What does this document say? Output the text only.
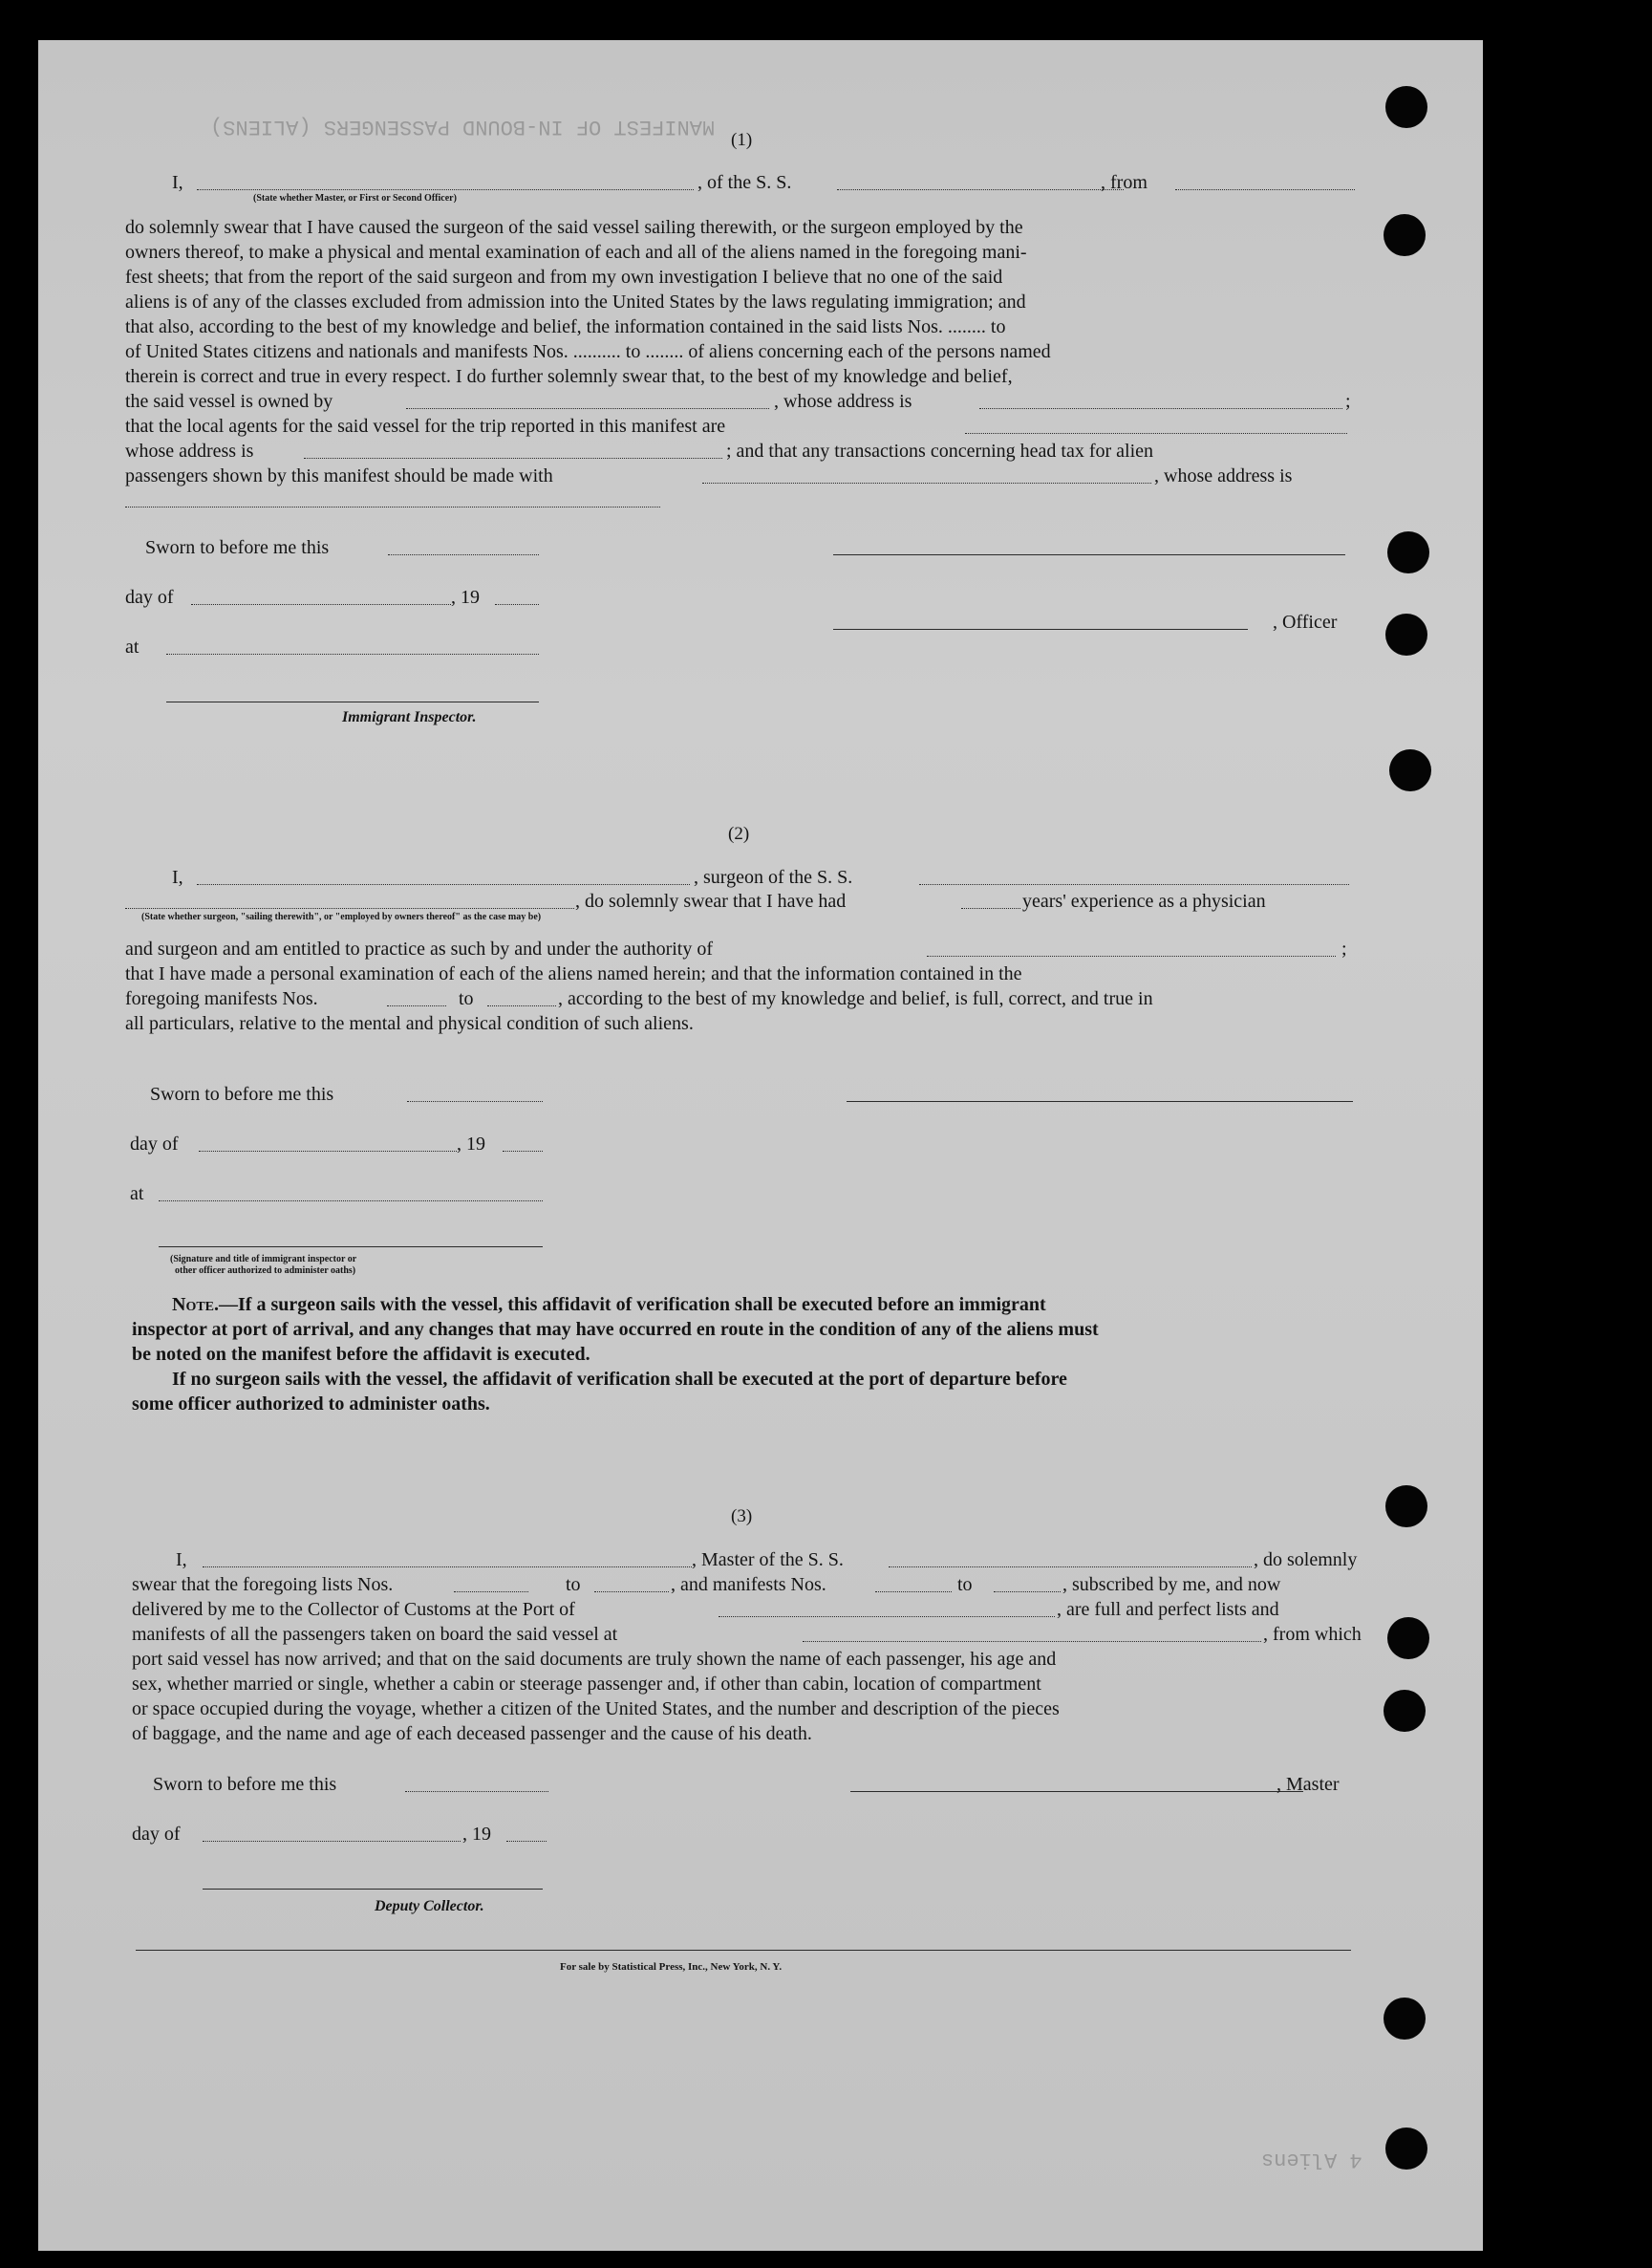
MANIFEST OF IN-BOUND PASSENGERS (ALIENS)
4 Aliens
(1)
I,	, of the S. S.	, from
(State whether Master, or First or Second Officer)
do solemnly swear that I have caused the surgeon of the said vessel sailing therewith, or the surgeon employed by the
owners thereof, to make a physical and mental examination of each and all of the aliens named in the foregoing mani-
fest sheets; that from the report of the said surgeon and from my own investigation I believe that no one of the said
aliens is of any of the classes excluded from admission into the United States by the laws regulating immigration; and
that also, according to the best of my knowledge and belief, the information contained in the said lists Nos. ........ to
of United States citizens and nationals and manifests Nos. .......... to ........ of aliens concerning each of the persons named
therein is correct and true in every respect. I do further solemnly swear that, to the best of my knowledge and belief,
the said vessel is owned by	, whose address is	;
that the local agents for the said vessel for the trip reported in this manifest are
whose address is	; and that any transactions concerning head tax for alien
passengers shown by this manifest should be made with	, whose address is
Sworn to before me this
day of	, 19
, Officer
at
Immigrant Inspector.
(2)
I,	, surgeon of the S. S.
, do solemnly swear that I have had	years' experience as a physician
(State whether surgeon, "sailing therewith", or "employed by owners thereof" as the case may be)
and surgeon and am entitled to practice as such by and under the authority of	;
that I have made a personal examination of each of the aliens named herein; and that the information contained in the
foregoing manifests Nos.	to	, according to the best of my knowledge and belief, is full, correct, and true in
all particulars, relative to the mental and physical condition of such aliens.
Sworn to before me this
day of	, 19
at
(Signature and title of immigrant inspector or
other officer authorized to administer oaths)
Note.—If a surgeon sails with the vessel, this affidavit of verification shall be executed before an immigrant
inspector at port of arrival, and any changes that may have occurred en route in the condition of any of the aliens must
be noted on the manifest before the affidavit is executed.
If no surgeon sails with the vessel, the affidavit of verification shall be executed at the port of departure before
some officer authorized to administer oaths.
(3)
I,	, Master of the S. S.	, do solemnly
swear that the foregoing lists Nos.	to	, and manifests Nos.	to	, subscribed by me, and now
delivered by me to the Collector of Customs at the Port of	, are full and perfect lists and
manifests of all the passengers taken on board the said vessel at	, from which
port said vessel has now arrived; and that on the said documents are truly shown the name of each passenger, his age and
sex, whether married or single, whether a cabin or steerage passenger and, if other than cabin, location of compartment
or space occupied during the voyage, whether a citizen of the United States, and the number and description of the pieces
of baggage, and the name and age of each deceased passenger and the cause of his death.
Sworn to before me this	, Master
day of	, 19
Deputy Collector.
For sale by Statistical Press, Inc., New York, N. Y.
